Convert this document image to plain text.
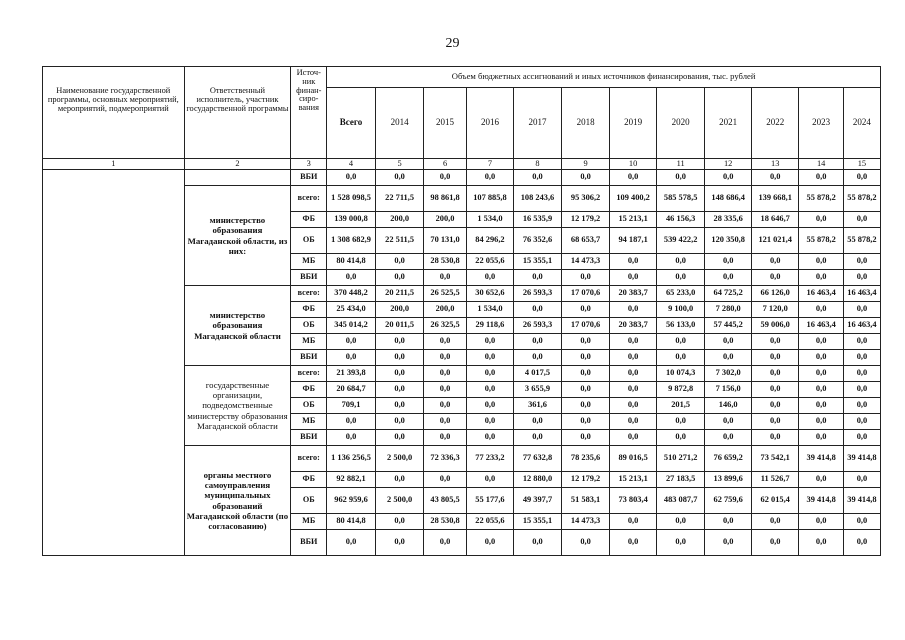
29
Наименование государственной программы, основных мероприятий, мероприятий, подмероприятий	Ответственный исполнитель, участник государственной программы	Источ-ник финан-сиро-вания	Объем бюджетных ассигнований и иных источников финансирования, тыс. рублей											
			Всего	2014	2015	2016	2017	2018	2019	2020	2021	2022	2023	2024
1	2	3	4	5	6	7	8	9	10	11	12	13	14	15
		ВБИ	0,0	0,0	0,0	0,0	0,0	0,0	0,0	0,0	0,0	0,0	0,0	0,0
	министерство образования Магаданской области, из них:	всего:	1 528 098,5	22 711,5	98 861,8	107 885,8	108 243,6	95 306,2	109 400,2	585 578,5	148 686,4	139 668,1	55 878,2	55 878,2
		ФБ	139 000,8	200,0	200,0	1 534,0	16 535,9	12 179,2	15 213,1	46 156,3	28 335,6	18 646,7	0,0	0,0
		ОБ	1 308 682,9	22 511,5	70 131,0	84 296,2	76 352,6	68 653,7	94 187,1	539 422,2	120 350,8	121 021,4	55 878,2	55 878,2
		МБ	80 414,8	0,0	28 530,8	22 055,6	15 355,1	14 473,3	0,0	0,0	0,0	0,0	0,0	0,0
		ВБИ	0,0	0,0	0,0	0,0	0,0	0,0	0,0	0,0	0,0	0,0	0,0	0,0
	министерство образования Магаданской области	всего:	370 448,2	20 211,5	26 525,5	30 652,6	26 593,3	17 070,6	20 383,7	65 233,0	64 725,2	66 126,0	16 463,4	16 463,4
		ФБ	25 434,0	200,0	200,0	1 534,0	0,0	0,0	0,0	9 100,0	7 280,0	7 120,0	0,0	0,0
		ОБ	345 014,2	20 011,5	26 325,5	29 118,6	26 593,3	17 070,6	20 383,7	56 133,0	57 445,2	59 006,0	16 463,4	16 463,4
		МБ	0,0	0,0	0,0	0,0	0,0	0,0	0,0	0,0	0,0	0,0	0,0	0,0
		ВБИ	0,0	0,0	0,0	0,0	0,0	0,0	0,0	0,0	0,0	0,0	0,0	0,0
	государственные организации, подведомственные министерству образования Магаданской области	всего:	21 393,8	0,0	0,0	0,0	4 017,5	0,0	0,0	10 074,3	7 302,0	0,0	0,0	0,0
		ФБ	20 684,7	0,0	0,0	0,0	3 655,9	0,0	0,0	9 872,8	7 156,0	0,0	0,0	0,0
		ОБ	709,1	0,0	0,0	0,0	361,6	0,0	0,0	201,5	146,0	0,0	0,0	0,0
		МБ	0,0	0,0	0,0	0,0	0,0	0,0	0,0	0,0	0,0	0,0	0,0	0,0
		ВБИ	0,0	0,0	0,0	0,0	0,0	0,0	0,0	0,0	0,0	0,0	0,0	0,0
	органы местного самоуправления муниципальных образований Магаданской области (по согласованию)	всего:	1 136 256,5	2 500,0	72 336,3	77 233,2	77 632,8	78 235,6	89 016,5	510 271,2	76 659,2	73 542,1	39 414,8	39 414,8
		ФБ	92 882,1	0,0	0,0	0,0	12 880,0	12 179,2	15 213,1	27 183,5	13 899,6	11 526,7	0,0	0,0
		ОБ	962 959,6	2 500,0	43 805,5	55 177,6	49 397,7	51 583,1	73 803,4	483 087,7	62 759,6	62 015,4	39 414,8	39 414,8
		МБ	80 414,8	0,0	28 530,8	22 055,6	15 355,1	14 473,3	0,0	0,0	0,0	0,0	0,0	0,0
		ВБИ	0,0	0,0	0,0	0,0	0,0	0,0	0,0	0,0	0,0	0,0	0,0	0,0
